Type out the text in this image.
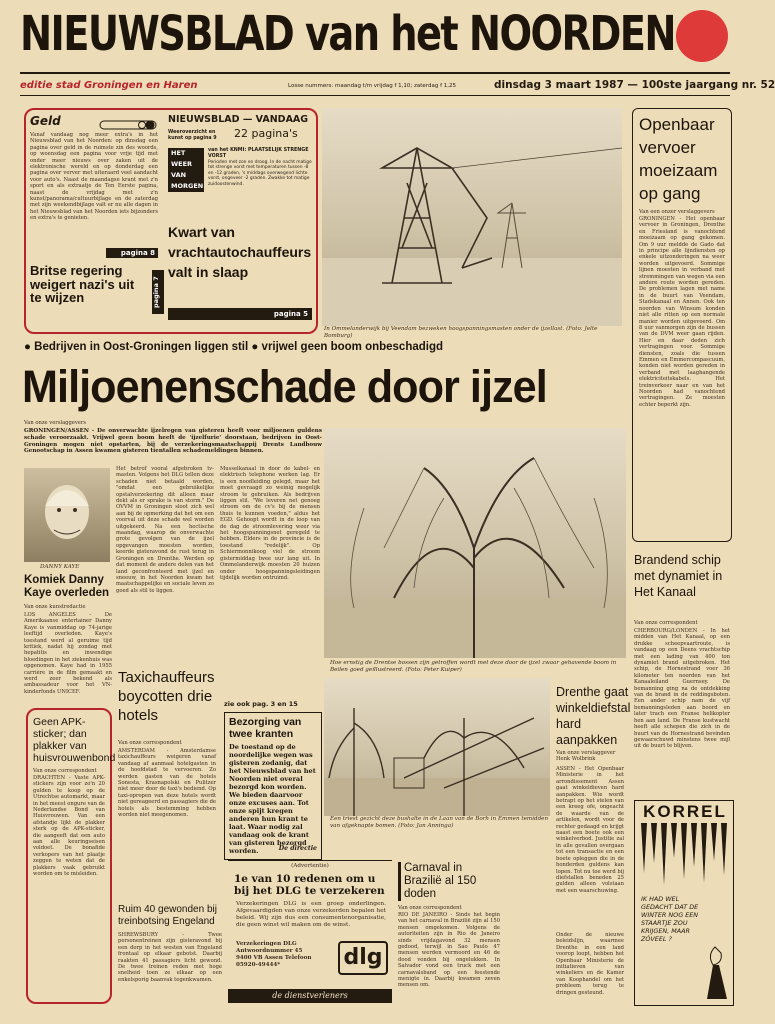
NIEUWSBLAD van het NOORDEN
editie stad Groningen en Haren	Losse nummers: maandag t/m vrijdag f 1,10; zaterdag f 1,25	dinsdag 3 maart 1987 — 100ste jaargang nr. 52
Geld
Vanaf vandaag nog meer extra's in het Nieuwsblad van het Noorden: op dinsdag een pagina over geld in de ruimste zin des woords, op woensdag een pagina voor vrije tijd met onder meer nieuws over zaken uit de elektronische wereld en op donderdag een pagina over verver met uiteraard veel aandacht voor auto's. Naast de maandagse krant met z'n sport en als extraatje de Ten Eerste pagina, naast de vrijdag met z'n kunst/panorama/cultuurbijlage en de zaterdag met zijn weekendbijlage valt er nu alle dagen in het Nieuwsblad van het Noorden iets bijzonders en extra's te genieten.
pagina 8
NIEUWSBLAD — VANDAAG
Weeroverzicht en kunst op pagina 9	22 pagina's
HET WEER VAN MORGEN
van het KNMI: PLAATSELIJK STRENGE VORST
Perioden met zon en droog. In de nacht matige tot strenge vorst met temperaturen tussen -8 en -12 graden, 's middags overwegend lichte vorst, ongeveer -2 graden. Zwakke tot matige zuidoostenwind.
Britse regering weigert nazi's uit te wijzen	pagina 7
Kwart van vrachtautochauffeurs valt in slaap
pagina 5
In Ommelanderwijk bij Veendam bezweken hoogspanningsmasten onder de ijzellast. (Foto: Jelte Bomburg)
● Bedrijven in Oost-Groningen liggen stil ● vrijwel geen boom onbeschadigd
Miljoenenschade door ijzel
Van onze verslaggevers
GRONINGEN/ASSEN - De onverwachte ijzelregen van gisteren heeft voor miljoenen guldens schade veroorzaakt. Vrijwel geen boom heeft de 'ijzelfurie' doorstaan, bedrijven in Oost-Groningen mogen niet opstarten, bij de verzekeringsmaatschappij Drents Landbouw Genootschap in Assen kwamen gisteren tientallen schademeldingen binnen.
Het betrof vooral afgebroken tv-masten. Volgens het DLG tellen deze schaden niet betaald worden, "omdat een gebruikelijke opstalverzekering dit alleen maar dekt als er sprake is van storm." De OVVM in Groningen sloot zich wel aan bij de opmerking dat het om een voorval uit deze schade wel worden uitgekeerd. Na een hectische maandag, waarop de onverwachte grote gevolgen van de ijzel opgevangen moesten worden, keerde gisteravond de rust terug in Groningen en Drenthe. Werden op dat moment de andere delen van het land geconfronteerd met ijzel en sneeuw, in het Noorden kwam het maatschappelijke en sociale leven zo goed als stil te liggen.
Musselkanaal in door de kabel- en elektrisch telephone werken lag. Er is een noodleiding gelegd, maar het moet gevraagd zo weinig mogelijk stroom te gebruiken. Als bedrijven liggen stil. "We leveren net genoeg stroom om de cv's bij de mensen thuis te kunnen voeden," aldus het EGD. Gehoopt wordt in de loop van de dag de stroomlevering weer via het hoogspanningsnet geregeld te hebben. Elders in de provincie is de toestand "redelijk". Op Schiermonnikoog viel de stroom gistermiddag twee uur lang uit. In Ommelanderwijk moesten 20 huizen onder hoogspanningsleidingen tijdelijk worden ontruimd.
DANNY KAYE
Komiek Danny Kaye overleden
Van onze kunstredactie
LOS ANGELES - De Amerikaanse entertainer Danny Kaye is vanmiddag op 74-jarige leeftijd overleden. Kaye's toestand werd al geruime tijd kritiek, nadat hij zondag met hepatitis en inwendige bloedingen in het ziekenhuis was opgenomen. Kaye had in 1955 carrière in de film gemaakt en werd zeer bekend als ambassadeur voor het VN-kinderfonds UNICEF.
Hoe ernstig de Drentse bossen zijn getroffen wordt met deze door de ijzel zwaar gehavende boom in Beilen goed geïllustreerd. (Foto: Peter Kuiper)
Een triest gezicht deze bushalte in de Laan van de Borh in Emmen temidden van afgeknapte bomen. (Foto: Jan Anninga)
Geen APK-sticker; dan plakker van huisvrouwenbond
Van onze correspondent
DRACHTEN - Vaste APK-stickers zijn voor zo'n 20 gulden te koop op de Utrechtse automarkt, maar in het meest ongure van de Nederlandse Bond van Huisvrouwen. Van een afstandje lijkt de plakker sterk op de APK-sticker, die aangeeft dat een auto aan alle keuringseisen voldoet. De bonafide verkopers van het plaatje zeggen te weten dat de plakkers vaak gebruikt worden om te misleiden.
Taxichauffeurs boycotten drie hotels
Van onze correspondent
AMSTERDAM - Amsterdamse taxichauffeurs weigeren vanaf vandaag af aanmaal hotelgasten in de hoofdstad te vervoeren. Zo werden gasten van de hotels Sonesta, Krasnapolski en Pulitzer niet meer door de taxi's bediend. Op taxi-opropen van deze hotels wordt niet gereageerd en passagiers die de hotels als bestemming hebben worden niet meegenomen.
zie ook pag. 3 en 15
Bezorging van twee kranten
De toestand op de noordelijke wegen was gisteren zodanig, dat het Nieuwsblad van het Noorden niet overal bezorgd kon worden. We bieden daarvoor onze excuses aan. Tot onze spijt kregen anderen hun krant te laat. Waar nodig zal vandaag ook de krant van gisteren bezorgd worden.	De directie
Ruim 40 gewonden bij treinbotsing Engeland
SHREWSBURY - Twee personentreinen zijn gisteravond bij een dorp in het westen van Engeland frontaal op elkaar gebotst. Daarbij raakten 41 passagiers licht gewond. De twee treinen reden met hoge snelheid toen ze elkaar op een enkelsporig baanvak tegenkwamen.
(Advertentie)
1e van 10 redenen om u bij het DLG te verzekeren
Verzekeringen DLG is een groep onderlingen. Afgevaardigden van onze verzekerden bepalen het beleid. Wij zijn dus een consumentenorganisatie, die geen winst wil maken om de winst.
Verzekeringen DLG Antwoordnummer 45 9400 VB Assen Telefoon 05920-49444*	dlg
de dienstverleners
Carnaval in Brazilië al 150 doden
Van onze correspondent
RIO DE JANEIRO - Sinds het begin van het carnaval in Brazilië zijn al 150 mensen omgekomen. Volgens de autoriteiten zijn in Rio de Janeiro sinds vrijdagavond 32 mensen gedood, terwijl in Sao Paulo 47 mensen werden vermoord en 46 de dood vonden bij ongelukken. In Salvador vond een truck met een carnavalsband op een feestende menigte in. Daarbij kwamen zeven mensen om.
Drenthe gaat winkeldiefstal hard aanpakken
Van onze verslaggever Henk Wolbrink
ASSEN - Het Openbaar Ministerie in het arrondissement Assen gaat winkeldieven hard aanpakken. Wie wordt betrapt op het stelen van een kreeg ofe, ongeacht de waarde van de artikelen, wordt voor de rechter gedaagd en krijgt naast een boete ook een winkelverbod. Justitie zal in alle gevallen overgaan tot een transactie en een boete opleggen die in de honderden guldens kan lopen. Tot nu toe werd bij diefstallen beneden 25 gulden alleen volstaan met een waarschuwing.
Onder de nieuwe beleidslijn, waarmee Drenthe in een land voorop loopt, hebben het Openbaar Ministerie de initiatieven van winkeliers en de Kamer van Koophandel om het probleem terug te dringen gesteund.
Openbaar vervoer moeizaam op gang
Van een onzer verslaggevers
GRONINGEN - Het openbaar vervoer in Groningen, Drenthe en Friesland is vanochtend moeizaam op gang gekomen. Om 9 uur meldde de Gado dat in principe alle lijndiensten op enkele uitzonderingen na weer worden uitgevoerd. Sommige lijnen moesten in verband met stremmingen van wegen via een andere route worden gereden. De problemen lagen met name in de buurt van Veendam, Stadskanaal en Annen. Ook ten noorden van Winsum konden niet alle ritten op een normale manier worden uitgevoerd. Om 8 uur vanmorgen zijn de bussen van de DVM weer gaan rijden. Hier en daar deden zich vertragingen voor. Sommige diensten, zoals die tussen Emmen en Emmercompascuum, konden niet worden gereden in verband met laaghangende elektriciteitskabels. Het treinverkeer naar en van het Noorden had vanochtend vertragingen. Ze moesten echter beperkt zijn.
Brandend schip met dynamiet in Het Kanaal
Van onze correspondent
CHERBOURG/LONDEN - In het midden van Het Kanaal, op een drukke scheepvaartroute, is vandaag op een Deens vrachtschip met een lading van 400 ton dynamiet brand uitgebroken. Het schip, de Hornestrand voer 36 kilometer ten noorden van het Kanaaleiland Guernsey. De bemanning ging na de ontdekking van de brand in de reddingsboten. Een ander schip nam de vijf bemanningsleden aan boord en later trach een Franse helikopter hen aan land. De Franse kustwacht heeft alle schepen die zich in de buurt van de Hornestrand bevinden gewaarschuwd minstens twee mijl uit de buurt te blijven.
KORREL
IK HAD WEL GEDACHT DAT DE WINTER NOG EEN STAARTJE ZOU KRIJGEN, MAAR ZÓVEEL ?
